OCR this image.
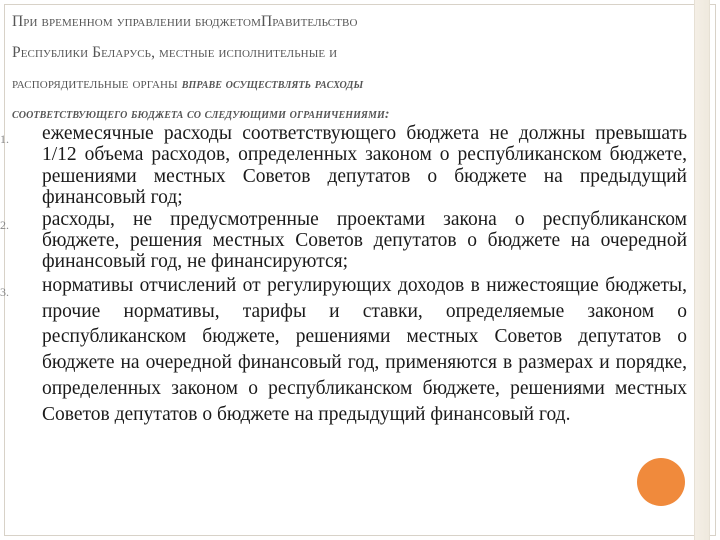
При временном управлении бюджетомПравительство
Республики Беларусь, местные исполнительные и
распорядительные органы вправе осуществлять расходы
соответствующего бюджета со следующими ограничениями:
1. ежемесячные расходы соответствующего бюджета не должны превышать 1/12 объема расходов, определенных законом о республиканском бюджете, решениями местных Советов депутатов о бюджете на предыдущий финансовый год;
2. расходы, не предусмотренные проектами закона о республиканском бюджете, решения местных Советов депутатов о бюджете на очередной финансовый год, не финансируются;
3. нормативы отчислений от регулирующих доходов в нижестоящие бюджеты, прочие нормативы, тарифы и ставки, определяемые законом о республиканском бюджете, решениями местных Советов депутатов о бюджете на очередной финансовый год, применяются в размерах и порядке, определенных законом о республиканском бюджете, решениями местных Советов депутатов о бюджете на предыдущий финансовый год.
